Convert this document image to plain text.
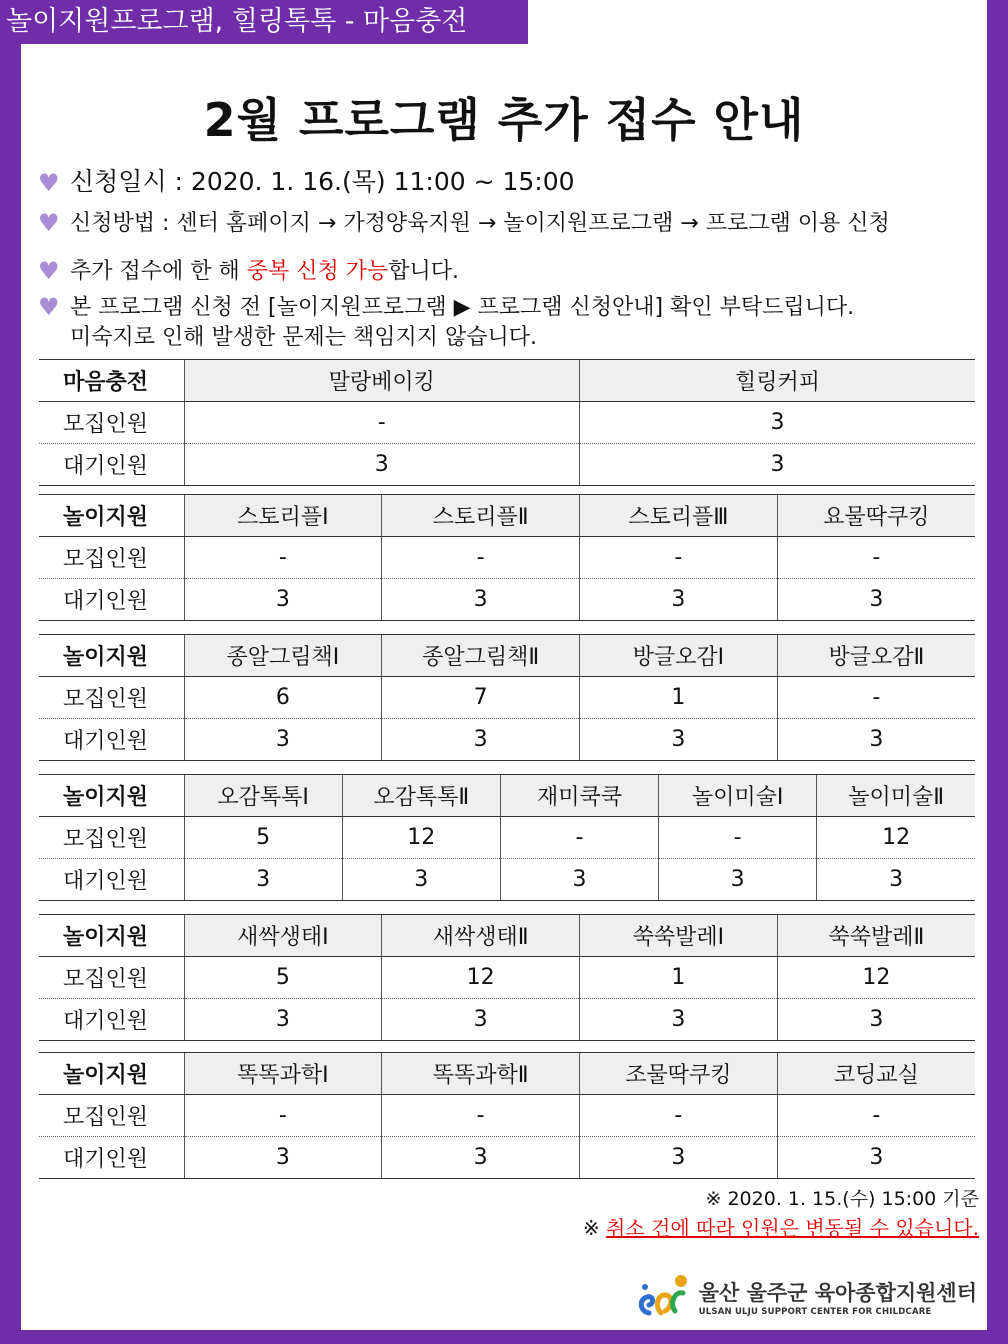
놀이지원프로그램, 힐링톡톡 - 마음충전
2월 프로그램 추가 접수 안내
♥ 신청일시 : 2020. 1. 16.(목) 11:00 ~ 15:00
♥ 신청방법 : 센터 홈페이지 → 가정양육지원 → 놀이지원프로그램 → 프로그램 이용 신청
♥ 추가 접수에 한 해 중복 신청 가능합니다.
♥ 본 프로그램 신청 전 [놀이지원프로그램 ▶ 프로그램 신청안내] 확인 부탁드립니다.
미숙지로 인해 발생한 문제는 책임지지 않습니다.
마음충전	말랑베이킹	힐링커피
모집인원	-	3
대기인원	3	3
놀이지원	스토리플Ⅰ	스토리플Ⅱ	스토리플Ⅲ	요물딱쿠킹
모집인원	-	-	-	-
대기인원	3	3	3	3
놀이지원	종알그림책Ⅰ	종알그림책Ⅱ	방글오감Ⅰ	방글오감Ⅱ
모집인원	6	7	1	-
대기인원	3	3	3	3
놀이지원	오감톡톡Ⅰ	오감톡톡Ⅱ	재미쿡쿡	놀이미술Ⅰ	놀이미술Ⅱ
모집인원	5	12	-	-	12
대기인원	3	3	3	3	3
놀이지원	새싹생태Ⅰ	새싹생태Ⅱ	쑥쑥발레Ⅰ	쑥쑥발레Ⅱ
모집인원	5	12	1	12
대기인원	3	3	3	3
놀이지원	똑똑과학Ⅰ	똑똑과학Ⅱ	조물딱쿠킹	코딩교실
모집인원	-	-	-	-
대기인원	3	3	3	3
※ 2020. 1. 15.(수) 15:00 기준
※ 취소 건에 따라 인원은 변동될 수 있습니다.
울산 울주군 육아종합지원센터
ULSAN ULJU SUPPORT CENTER FOR CHILDCARE
